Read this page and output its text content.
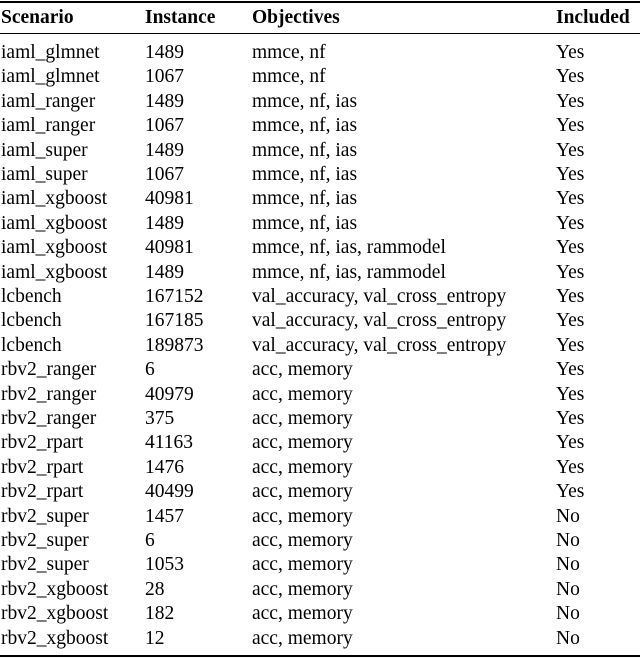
Scenario	Instance Objectives	Included
iaml_glmnet 1489	mmce, nf	Yes
iaml_glmnet 1067	mmce, nf	Yes
iaml_ranger	1489	mmce, nf, ias	Yes
iaml_ranger	1067	mmce, nf, ias	Yes
iaml_super	1489	mmce, nf, ias	Yes
iaml_super	1067	mmce, nf, ias	Yes
iaml_xgboost 40981	mmce, nf, ias	Yes
iaml_xgboost 1489	mmce, nf, ias	Yes
iaml_xgboost 40981	mmce, nf, ias, rammodel	Yes
iaml_xgboost 1489	mmce, nf, ias, rammodel	Yes
lcbench	167152 val_accuracy, val_cross_entropy	Yes
lcbench	167185 val_accuracy, val_cross_entropy	Yes
lcbench	189873 val_accuracy, val_cross_entropy	Yes
rbv2_ranger 6	acc, memory	Yes
rbv2_ranger 40979	acc, memory	Yes
rbv2_ranger 375	acc, memory	Yes
rbv2_rpart	41163	acc, memory	Yes
rbv2_rpart	1476	acc, memory	Yes
rbv2_rpart	40499	acc, memory	Yes
rbv2_super	1457	acc, memory	No
rbv2_super	6	acc, memory	No
rbv2_super	1053	acc, memory	No
rbv2_xgboost 28	acc, memory	No
rbv2_xgboost 182	acc, memory	No
rbv2_xgboost 12	acc, memory	No
